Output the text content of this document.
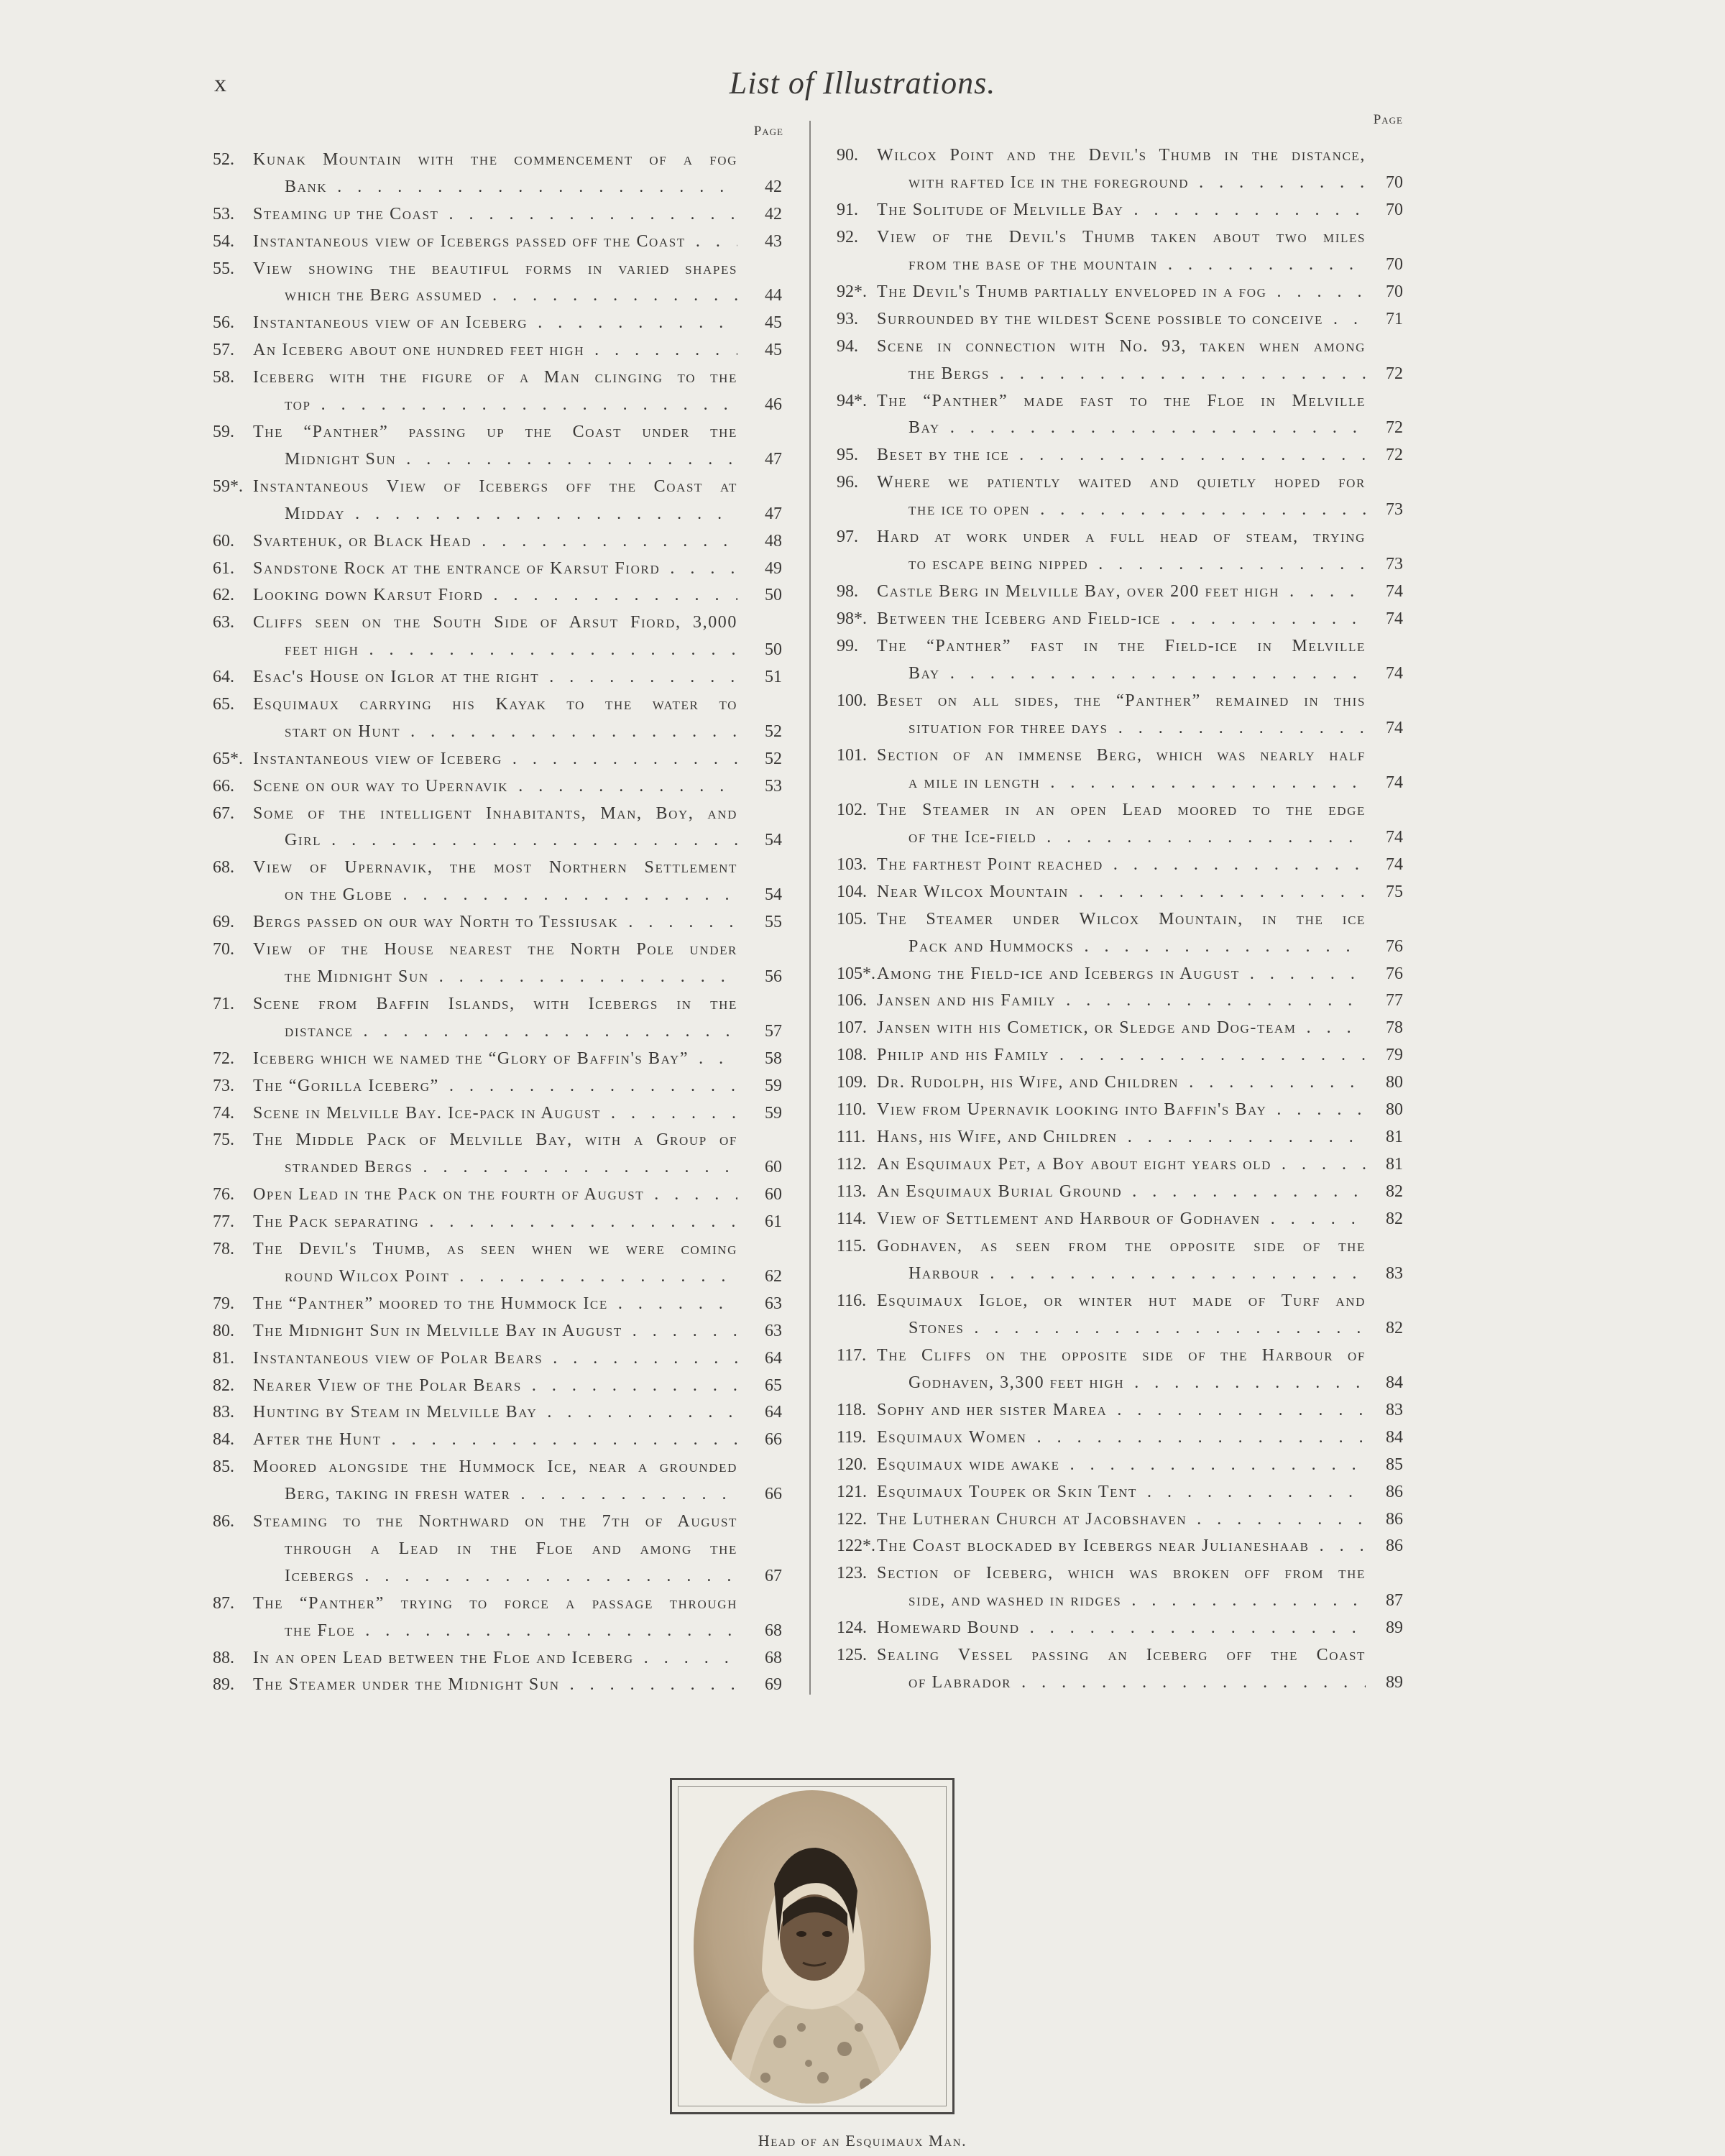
x	List of Illustrations.
Page
52.	Kunak Mountain with the commencement of a fog
Bank . . .	42
53.	Steaming up the Coast . . .	42
54.	Instantaneous view of Icebergs passed off the Coast . . .	43
55.	View showing the beautiful forms in varied shapes
which the Berg assumed . . .	44
56.	Instantaneous view of an Iceberg . . .	45
57.	An Iceberg about one hundred feet high . . .	45
58.	Iceberg with the figure of a Man clinging to the
top . . .	46
59.	The “Panther” passing up the Coast under the
Midnight Sun . . .	47
59*. Instantaneous View of Icebergs off the Coast at
Midday . . .	47
60.	Svartehuk, or Black Head . . .	48
61.	Sandstone Rock at the entrance of Karsut Fiord . . .	49
62.	Looking down Karsut Fiord . . .	50
63.	Cliffs seen on the South Side of Arsut Fiord, 3,000
feet high . . .	50
64.	Esac's House on Iglor at the right . . .	51
65.	Esquimaux carrying his Kayak to the water to
start on Hunt . . .	52
65*. Instantaneous view of Iceberg . . .	52
66.	Scene on our way to Upernavik . . .	53
67.	Some of the intelligent Inhabitants, Man, Boy, and
Girl . . .	54
68.	View of Upernavik, the most Northern Settlement
on the Globe . . .	54
69.	Bergs passed on our way North to Tessiusak . . .	55
70.	View of the House nearest the North Pole under
the Midnight Sun . . .	56
71.	Scene from Baffin Islands, with Icebergs in the
distance . . .	57
72.	Iceberg which we named the “Glory of Baffin's Bay” . . .	58
73.	The “Gorilla Iceberg” . . .	59
74.	Scene in Melville Bay. Ice-pack in August . . .	59
75.	The Middle Pack of Melville Bay, with a Group of
stranded Bergs . . .	60
76.	Open Lead in the Pack on the fourth of August . . .	60
77.	The Pack separating . . .	61
78.	The Devil's Thumb, as seen when we were coming
round Wilcox Point . . .	62
79.	The “Panther” moored to the Hummock Ice . . .	63
80.	The Midnight Sun in Melville Bay in August . . .	63
81.	Instantaneous view of Polar Bears . . .	64
82.	Nearer View of the Polar Bears . . .	65
83.	Hunting by Steam in Melville Bay . . .	64
84.	After the Hunt . . .	66
85.	Moored alongside the Hummock Ice, near a grounded
Berg, taking in fresh water . . .	66
86.	Steaming to the Northward on the 7th of August
through a Lead in the Floe and among the
Icebergs . . .	67
87.	The “Panther” trying to force a passage through
the Floe . . .	68
88.	In an open Lead between the Floe and Iceberg . . .	68
89.	The Steamer under the Midnight Sun . . .	69
Page
90.	Wilcox Point and the Devil's Thumb in the distance,
with rafted Ice in the foreground . . .	70
91.	The Solitude of Melville Bay . . .	70
92.	View of the Devil's Thumb taken about two miles
from the base of the mountain . . .	70
92*. The Devil's Thumb partially enveloped in a fog . . .	70
93.	Surrounded by the wildest Scene possible to conceive . . .	71
94.	Scene in connection with No. 93, taken when among
the Bergs . . .	72
94*. The “Panther” made fast to the Floe in Melville
Bay . . .	72
95.	Beset by the ice . . .	72
96.	Where we patiently waited and quietly hoped for
the ice to open . . .	73
97.	Hard at work under a full head of steam, trying
to escape being nipped . . .	73
98.	Castle Berg in Melville Bay, over 200 feet high . . .	74
98*. Between the Iceberg and Field-ice . . .	74
99.	The “Panther” fast in the Field-ice in Melville
Bay . . .	74
100. Beset on all sides, the “Panther” remained in this
situation for three days . . .	74
101. Section of an immense Berg, which was nearly half
a mile in length . . .	74
102. The Steamer in an open Lead moored to the edge
of the Ice-field . . .	74
103. The farthest Point reached . . .	74
104. Near Wilcox Mountain . . .	75
105. The Steamer under Wilcox Mountain, in the ice
Pack and Hummocks . . .	76
105*. Among the Field-ice and Icebergs in August . . .	76
106. Jansen and his Family . . .	77
107. Jansen with his Cometick, or Sledge and Dog-team . . .	78
108. Philip and his Family . . .	79
109. Dr. Rudolph, his Wife, and Children . . .	80
110. View from Upernavik looking into Baffin's Bay . . .	80
111. Hans, his Wife, and Children . . .	81
112. An Esquimaux Pet, a Boy about eight years old . . .	81
113. An Esquimaux Burial Ground . . .	82
114. View of Settlement and Harbour of Godhaven . . .	82
115. Godhaven, as seen from the opposite side of the
Harbour . . .	83
116. Esquimaux Igloe, or winter hut made of Turf and
Stones . . .	82
117. The Cliffs on the opposite side of the Harbour of
Godhaven, 3,300 feet high . . .	84
118. Sophy and her sister Marea . . .	83
119. Esquimaux Women . . .	84
120. Esquimaux wide awake . . .	85
121. Esquimaux Toupek or Skin Tent . . .	86
122. The Lutheran Church at Jacobshaven . . .	86
122*. The Coast blockaded by Icebergs near Julianeshaab . . .	86
123. Section of Iceberg, which was broken off from the
side, and washed in ridges . . .	87
124. Homeward Bound . . .	89
125. Sealing Vessel passing an Iceberg off the Coast
of Labrador . . .	89
Head of an Esquimaux Man.
